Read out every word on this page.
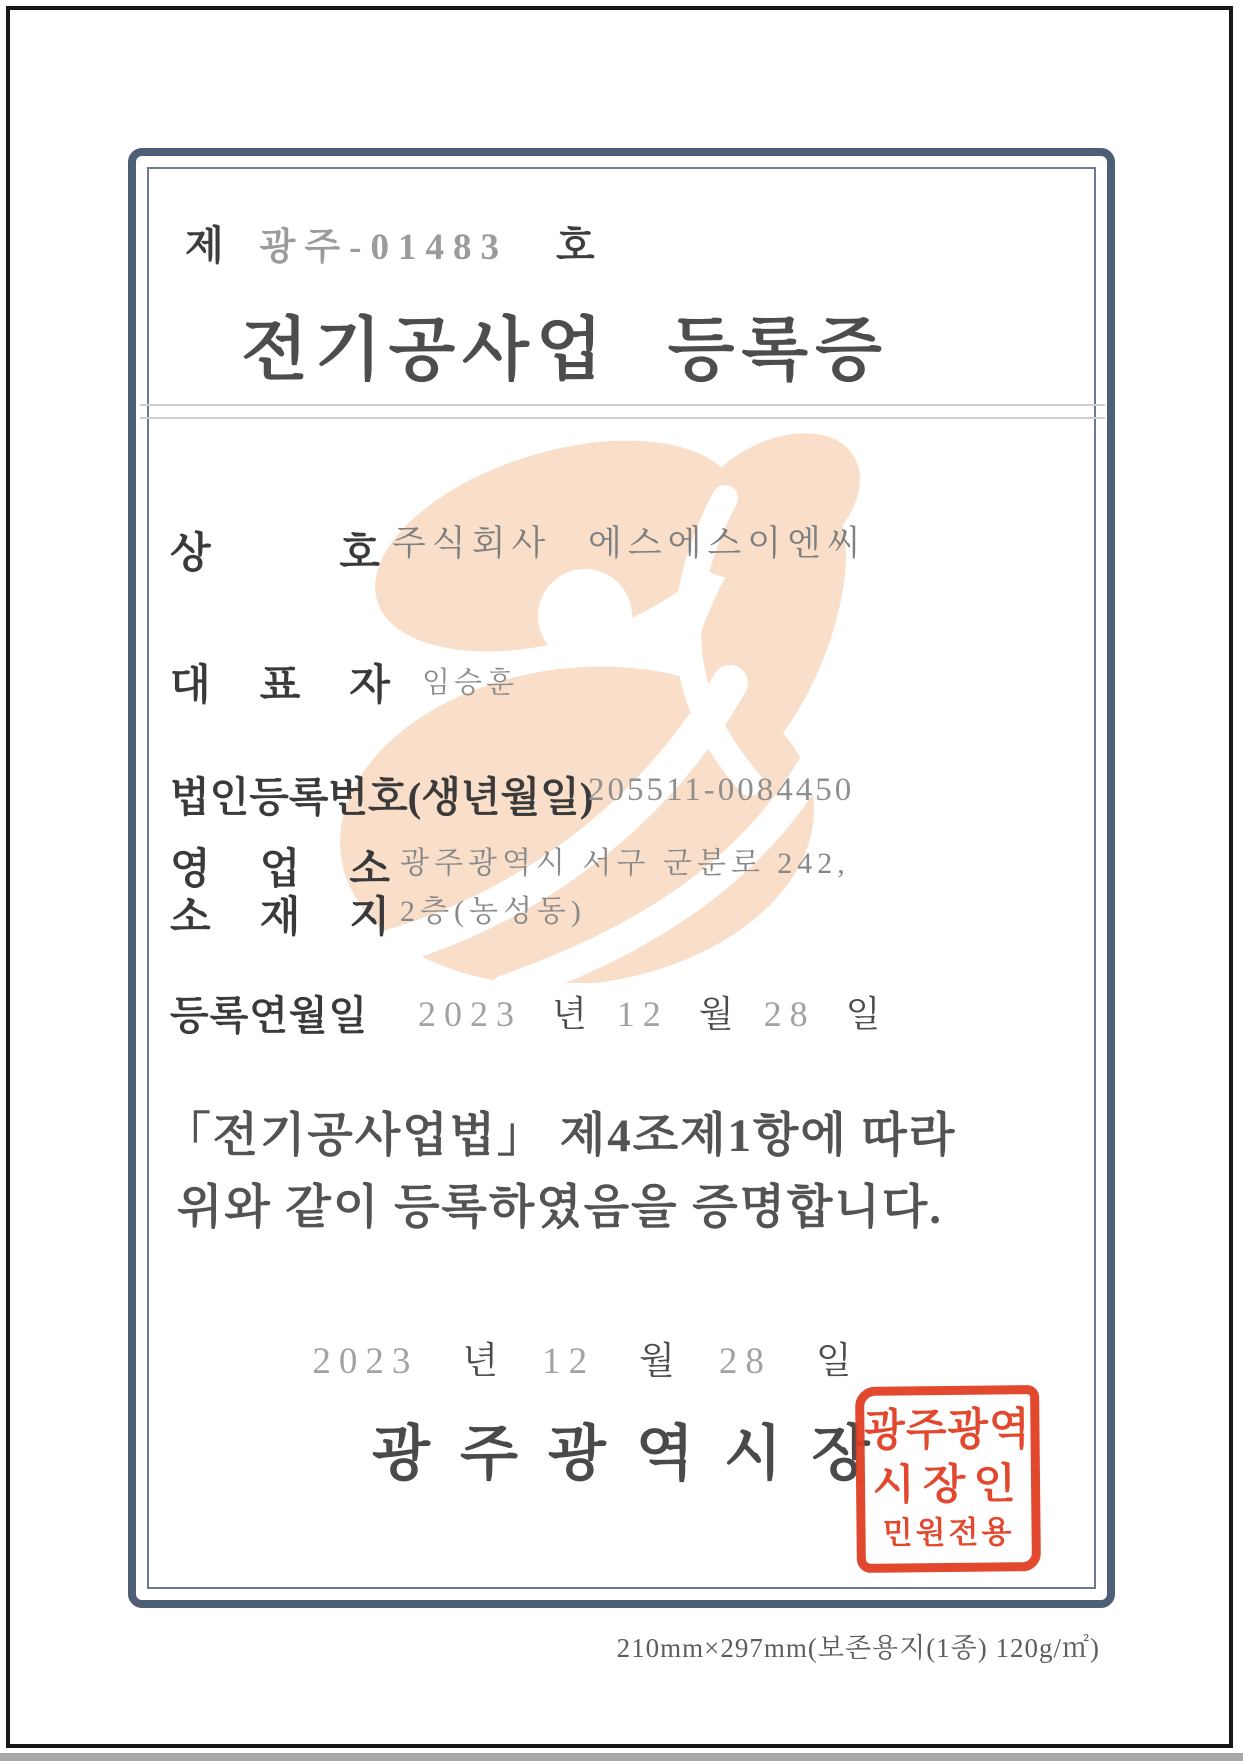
제 광주-01483 호
전기공사업 등록증
상	호 주식회사 에스에스이엔씨
대 표 자 임승훈
법인등록번호(생년월일)
205511-0084450
영 업 소
소 재 지
광주광역시 서구 군분로 242,
2층(농성동)
등록연월일 2023 년 12 월 28 일
「전기공사업법」 제4조제1항에 따라
위와 같이 등록하였음을 증명합니다.
2023 년 12 월 28 일
광주광역시장
광주광역
시장인
민원전용
210mm×297mm(보존용지(1종) 120g/㎡)
